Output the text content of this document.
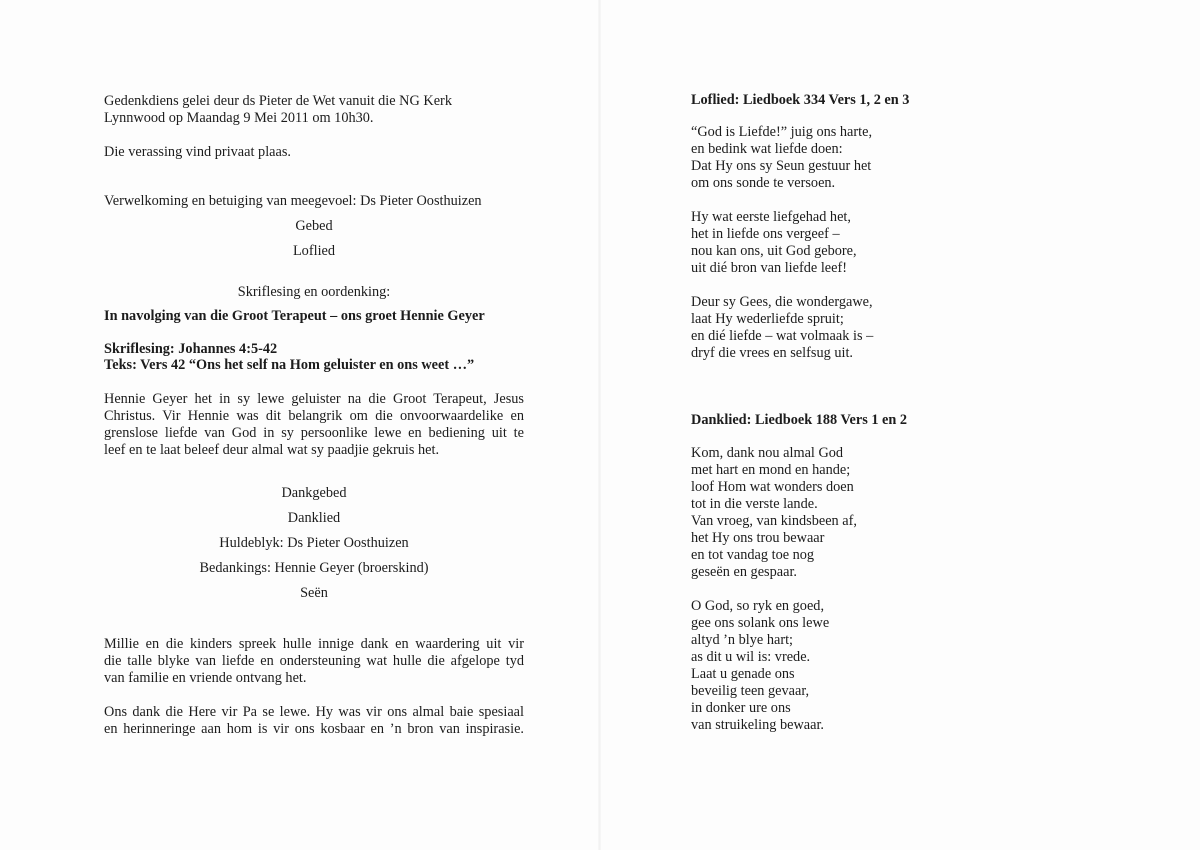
Gedenkdiens gelei deur ds Pieter de Wet vanuit die NG Kerk
Lynnwood op Maandag 9 Mei 2011 om 10h30.
Die verassing vind privaat plaas.
Verwelkoming en betuiging van meegevoel: Ds Pieter Oosthuizen
Gebed
Loflied
Skriflesing en oordenking:
In navolging van die Groot Terapeut – ons groet Hennie Geyer
Skriflesing: Johannes 4:5-42
Teks: Vers 42 “Ons het self na Hom geluister en ons weet …”
Hennie Geyer het in sy lewe geluister na die Groot Terapeut, Jesus
Christus. Vir Hennie was dit belangrik om die onvoorwaardelike en
grenslose liefde van God in sy persoonlike lewe en bediening uit te
leef en te laat beleef deur almal wat sy paadjie gekruis het.
Dankgebed
Danklied
Huldeblyk: Ds Pieter Oosthuizen
Bedankings: Hennie Geyer (broerskind)
Seën
Millie en die kinders spreek hulle innige dank en waardering uit vir
die talle blyke van liefde en ondersteuning wat hulle die afgelope tyd
van familie en vriende ontvang het.
Ons dank die Here vir Pa se lewe. Hy was vir ons almal baie spesiaal
en herinneringe aan hom is vir ons kosbaar en ’n bron van inspirasie.
Loflied: Liedboek 334 Vers 1, 2 en 3
“God is Liefde!” juig ons harte,
en bedink wat liefde doen:
Dat Hy ons sy Seun gestuur het
om ons sonde te versoen.
Hy wat eerste liefgehad het,
het in liefde ons vergeef –
nou kan ons, uit God gebore,
uit dié bron van liefde leef!
Deur sy Gees, die wondergawe,
laat Hy wederliefde spruit;
en dié liefde – wat volmaak is –
dryf die vrees en selfsug uit.
Danklied: Liedboek 188 Vers 1 en 2
Kom, dank nou almal God
met hart en mond en hande;
loof Hom wat wonders doen
tot in die verste lande.
Van vroeg, van kindsbeen af,
het Hy ons trou bewaar
en tot vandag toe nog
geseën en gespaar.
O God, so ryk en goed,
gee ons solank ons lewe
altyd ’n blye hart;
as dit u wil is: vrede.
Laat u genade ons
beveilig teen gevaar,
in donker ure ons
van struikeling bewaar.
